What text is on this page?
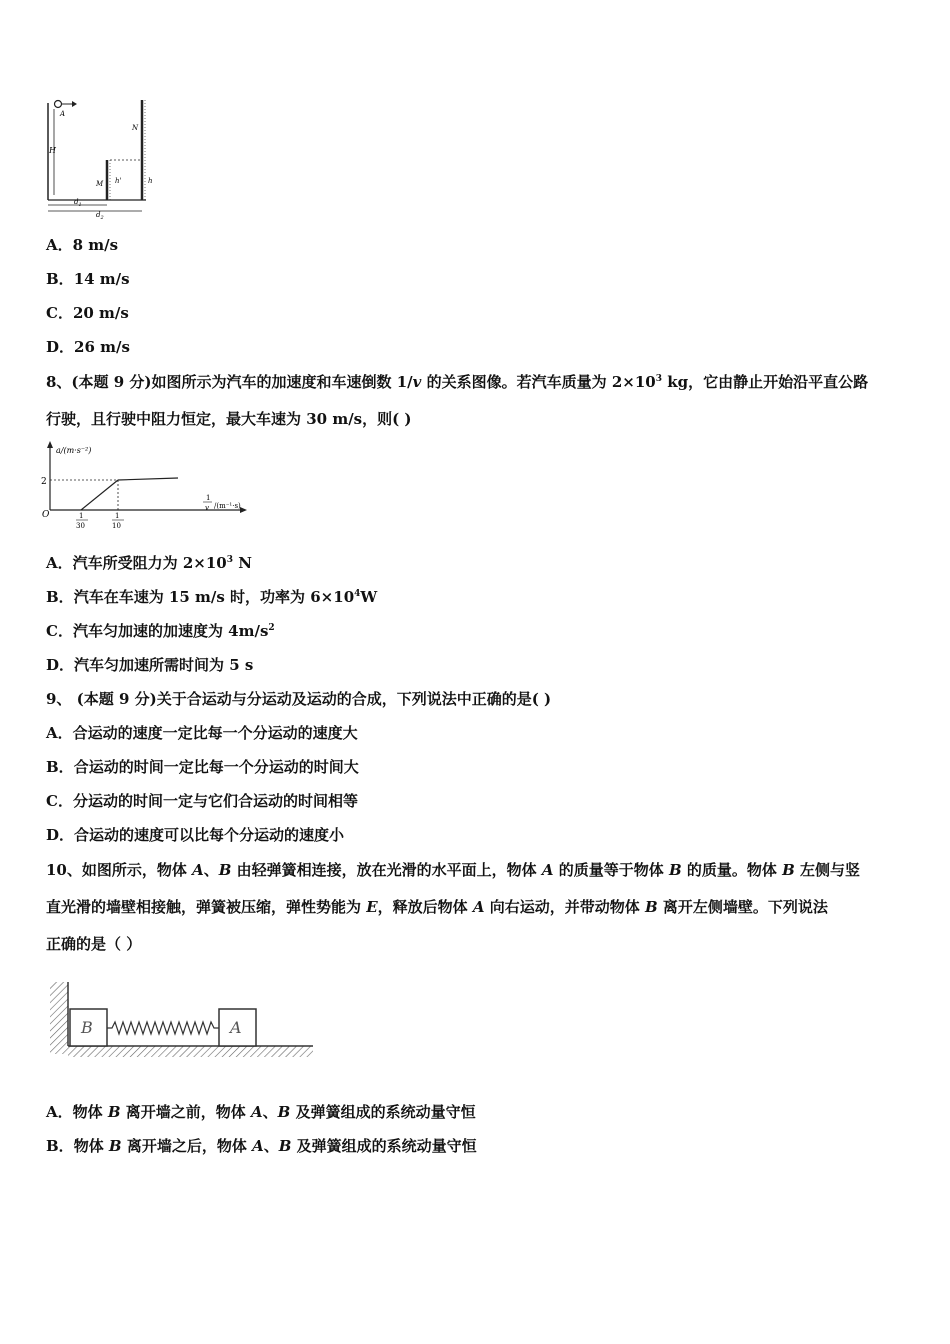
A
H
M h'
N
h
$d_1$
$d_2$
A．8 m/s
B．14 m/s
C．20 m/s
D．26 m/s
8、(本题 9 分)如图所示为汽车的加速度和车速倒数 1/v 的关系图像。若汽车质量为 $2\times 10^3$ kg，它由静止开始沿平直公路
行驶，且行驶中阻力恒定，最大车速为 30 m/s，则( )
a/(m·s⁻²)
2
O	1
30
1
10
1
v /(m⁻¹·s)
A．汽车所受阻力为 $2\times 10^3$ N
B．汽车在车速为 15 m/s 时，功率为 $6\times 10^4W$
C．汽车匀加速的加速度为 $4m/s^2$
D．汽车匀加速所需时间为 5 s
9、 (本题 9 分)关于合运动与分运动及运动的合成，下列说法中正确的是( )
A．合运动的速度一定比每一个分运动的速度大
B．合运动的时间一定比每一个分运动的时间大
C．分运动的时间一定与它们合运动的时间相等
D．合运动的速度可以比每个分运动的速度小
10、如图所示，物体 A、B 由轻弹簧相连接，放在光滑的水平面上，物体 A 的质量等于物体 B 的质量。物体 B 左侧与竖
直光滑的墙壁相接触，弹簧被压缩，弹性势能为 E，释放后物体 A 向右运动，并带动物体 B 离开左侧墙壁。下列说法
正确的是（ ）
B	A
A．物体 B 离开墙之前，物体 A、B 及弹簧组成的系统动量守恒
B．物体 B 离开墙之后，物体 A、B 及弹簧组成的系统动量守恒
